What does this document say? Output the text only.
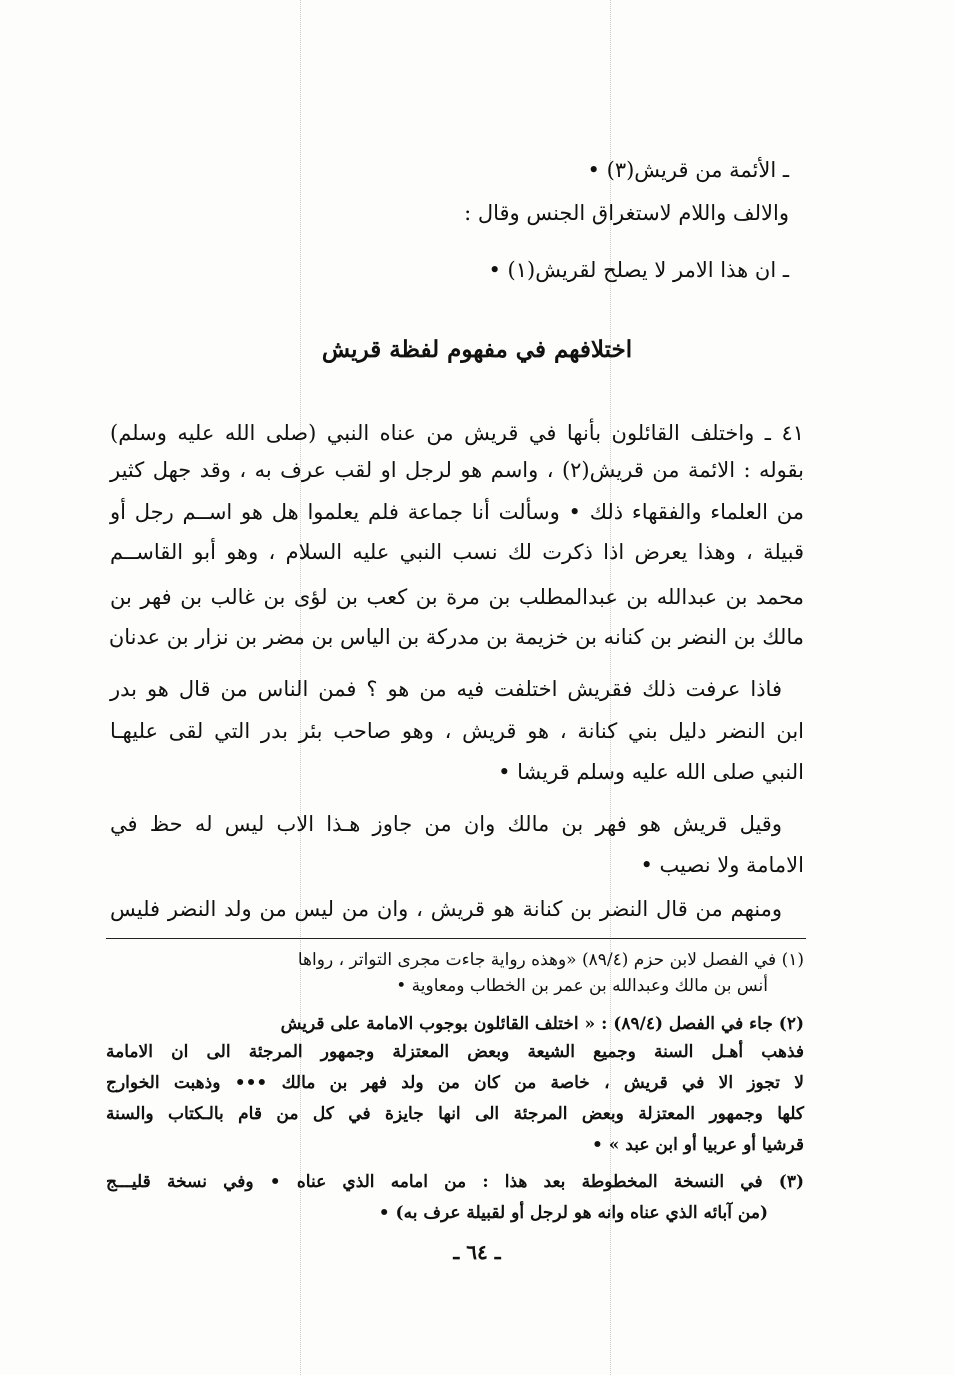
ـ الأئمة من قريش(٣) •
والالف واللام لاستغراق الجنس وقال :
ـ ان هذا الامر لا يصلح لقريش(١) •
اختلافهم في مفهوم لفظة قريش
٤١ ـ واختلف القائلون بأنها في قريش من عناه النبي (صلى الله عليه وسلم)
بقوله : الائمة من قريش(٢) ، واسم هو لرجل او لقب عرف به ، وقد جهل كثير
من العلماء والفقهاء ذلك • وسألت أنا جماعة فلم يعلموا هل هو اســم رجل أو
قبيلة ، وهذا يعرض اذا ذكرت لك نسب النبي عليه السلام ، وهو أبو القاســم
محمد بن عبدالله بن عبدالمطلب بن مرة بن كعب بن لؤى بن غالب بن فهر بن
مالك بن النضر بن كنانه بن خزيمة بن مدركة بن الياس بن مضر بن نزار بن عدنان
فاذا عرفت ذلك فقريش اختلفت فيه من هو ؟ فمن الناس من قال هو بدر
ابن النضر دليل بني كنانة ، هو قريش ، وهو صاحب بئر بدر التي لقى عليهـا
النبي صلى الله عليه وسلم قريشا •
وقيل قريش هو فهر بن مالك وان من جاوز هـذا الاب ليس له حظ في
الامامة ولا نصيب •
ومنهم من قال النضر بن كنانة هو قريش ، وان من ليس من ولد النضر فليس
(١) في الفصل لابن حزم (٨٩/٤) «وهذه رواية جاءت مجرى التواتر ، رواها
أنس بن مالك وعبدالله بن عمر بن الخطاب ومعاوية •
(٢) جاء في الفصل (٨٩/٤) : « اختلف القائلون بوجوب الامامة على قريش
فذهب أهـل السنة وجميع الشيعة وبعض المعتزلة وجمهور المرجئة الى ان الامامة
لا تجوز الا في قريش ، خاصة من كان من ولد فهر بن مالك ••• وذهبت الخوارج
كلها وجمهور المعتزلة وبعض المرجئة الى انها جايزة في كل من قام بالـكتاب والسنة
قرشيا أو عربيا أو ابن عبد » •
(٣) في النسخة المخطوطة بعد هذا : من امامه الذي عناه • وفي نسخة قليـــج
(من آبائه الذي عناه وانه هو لرجل أو لقبيلة عرف به) •
ـ ٦٤ ـ
